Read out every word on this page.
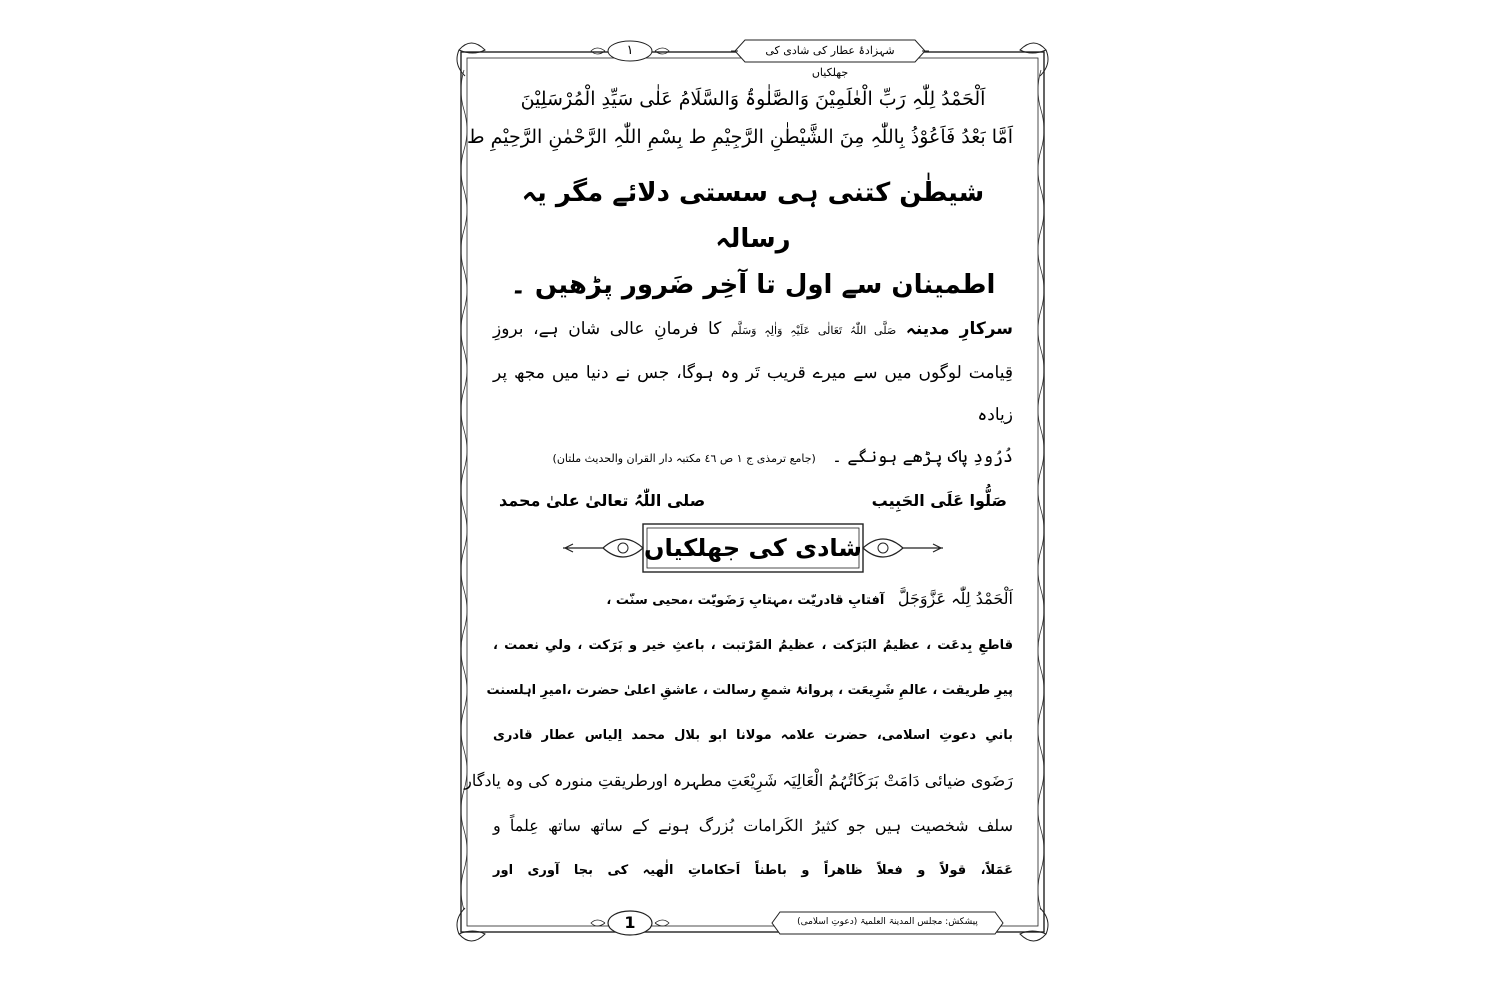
شہزادۂ عطار کی شادی کی جھلکیاں
۱
اَلْحَمْدُ لِلّٰہِ رَبِّ الْعٰلَمِیْنَ وَالصَّلٰوۃُ وَالسَّلَامُ عَلٰی سَیِّدِ الْمُرْسَلِیْنَ
اَمَّا بَعْدُ فَاَعُوْذُ بِاللّٰہِ مِنَ الشَّیْطٰنِ الرَّجِیْمِ ط بِسْمِ اللّٰہِ الرَّحْمٰنِ الرَّحِیْمِ ط
شیطٰن کتنی ہی سستی دلائے مگر یہ رسالہ
اطمینان سے اول تا آخِر ضَرور پڑھیں ۔
سرکارِ مدینہ صَلَّی اللّٰہُ تَعَالٰی عَلَیْہِ وَاٰلِہٖ وَسَلَّم کا فرمانِ عالی شان ہے، بروزِ
قِیامت لوگوں میں سے میرے قریب تَر وہ ہوگا، جس نے دنیا میں مجھ پر زیادہ
دُرُودِ پاک پڑھے ہونگے ۔   (جامع ترمذی ج ۱ ص ٤٦ مکتبہ دار القران والحدیث ملتان)
صَلُّوا عَلَی الحَبِیب
صلی اللّٰہُ تعالیٰ علیٰ محمد
شادی کی جھلکیاں
اَلْحَمْدُ لِلّٰہ عَزَّوَجَلَّ   آفتابِ قادریّت ،مہتابِ رَضَویّت ،محیی سنّت ،
قاطعِ بِدعَت ، عظیمُ البَرَکت ، عظیمُ المَرْتبت ، باعثِ خیر و بَرَکت ، ولیِ نعمت ،
پیرِ طریقت ، عالمِ شَرِیعَت ، پروانۂ شمعِ رسالت ، عاشقِ اعلیٰ حضرت ،امیرِ اہلسنت
بانیِ دعوتِ اسلامی، حضرت علامہ مولانا ابو بلال محمد اِلیاس عطار قادری
رَضَوی ضیائی دَامَتْ بَرَکَاتُہُمُ الْعَالِیَہ شَرِیْعَتِ مطہرہ اورطریقتِ منورہ کی وہ یادگار
سلف شخصیت ہیں جو کثیرُ الکَرامات بُزرگ ہونے کے ساتھ ساتھ عِلماً و
عَمَلاً، قولاً و فعلاً ظاھراً و باطناً اَحکاماتِ الٰھیہ کی بجا آوری اور
1	پیشکش: مجلس المدینۃ العلمیۃ (دعوتِ اسلامی)
